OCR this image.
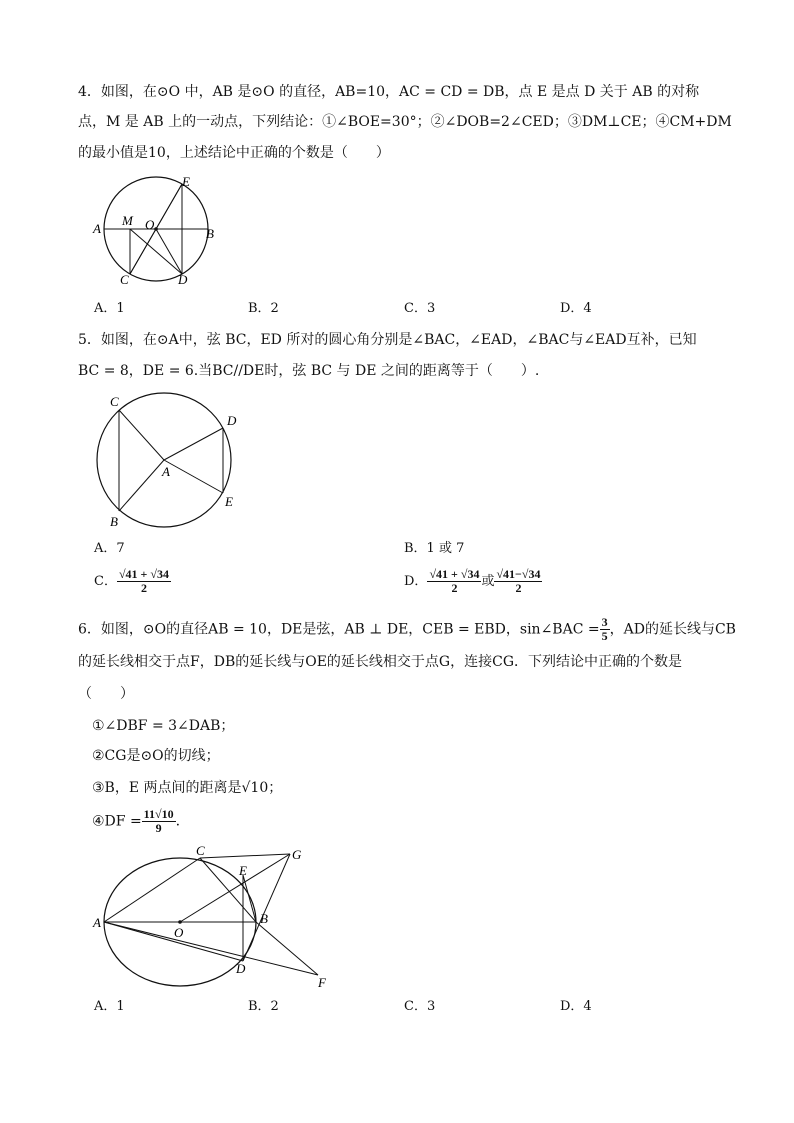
4．如图，在⊙O 中，AB 是⊙O 的直径，AB=10，AC = CD = DB，点 E 是点 D 关于 AB 的对称
点，M 是 AB 上的一动点，下列结论：①∠BOE=30°；②∠DOB=2∠CED；③DM⊥CE；④CM+DM
的最小值是10，上述结论中正确的个数是（　　）
A	B
C	D
E
M O
A．1	B．2	C．3	D．4
5．如图，在⊙A中，弦 BC，ED 所对的圆心角分别是∠BAC，∠EAD，∠BAC与∠EAD互补，已知
BC = 8，DE = 6.当BC//DE时，弦 BC 与 DE 之间的距离等于（　　）.
A
B
C
D
E
A．7	B．1 或 7
C． $\frac{√41 + √34}{2}$	D． $\frac{√41 + √34}{2}$ 或 $\frac{√41-√34}{2}$
6．如图，⊙O的直径AB = 10，DE是弦，AB ⊥ DE，CEB = EBD，sin∠BAC = $\frac{3}{5}$ ，AD的延长线与CB
的延长线相交于点F，DB的延长线与OE的延长线相交于点G，连接CG．下列结论中正确的个数是
（　　）
①∠DBF = 3∠DAB；
②CG是⊙O的切线；
③B，E 两点间的距离是√10；
④DF = $\frac{11√10}{9}$ .
A	B
C
D
E
F
G
O
A．1	B．2	C．3	D．4
